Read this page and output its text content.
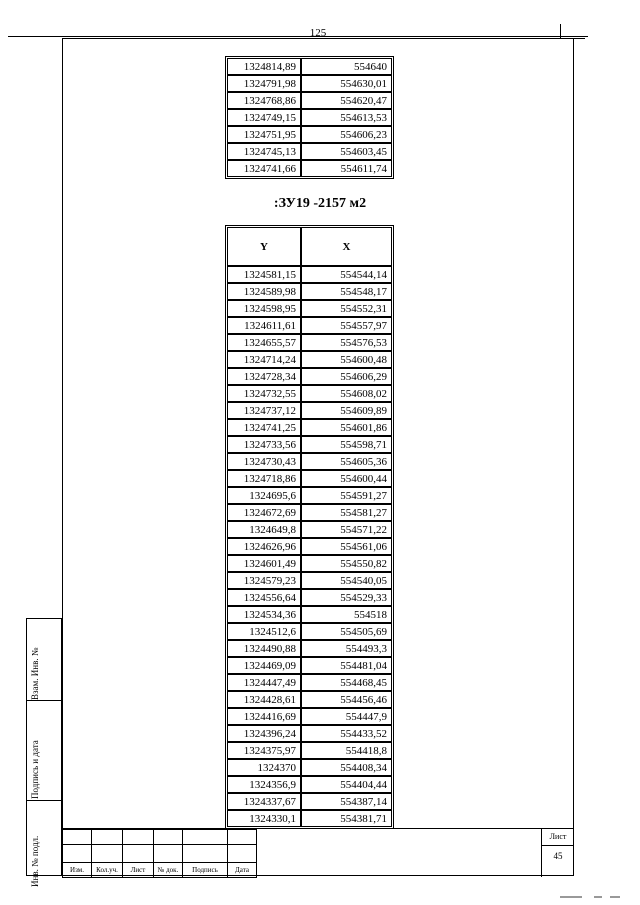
125
1324814,89	554640
1324791,98	554630,01
1324768,86	554620,47
1324749,15	554613,53
1324751,95	554606,23
1324745,13	554603,45
1324741,66	554611,74
:ЗУ19 -2157 м2
Y	X
1324581,15	554544,14
1324589,98	554548,17
1324598,95	554552,31
1324611,61	554557,97
1324655,57	554576,53
1324714,24	554600,48
1324728,34	554606,29
1324732,55	554608,02
1324737,12	554609,89
1324741,25	554601,86
1324733,56	554598,71
1324730,43	554605,36
1324718,86	554600,44
1324695,6	554591,27
1324672,69	554581,27
1324649,8	554571,22
1324626,96	554561,06
1324601,49	554550,82
1324579,23	554540,05
1324556,64	554529,33
1324534,36	554518
1324512,6	554505,69
1324490,88	554493,3
1324469,09	554481,04
1324447,49	554468,45
1324428,61	554456,46
1324416,69	554447,9
1324396,24	554433,52
1324375,97	554418,8
1324370	554408,34
1324356,9	554404,44
1324337,67	554387,14
1324330,1	554381,71
Взам. Инв. №
Подпись и дата
Инв. № подл.

						Изм.	Кол.уч.	Лист	№ док.	Подпись	Дата
Лист
45
